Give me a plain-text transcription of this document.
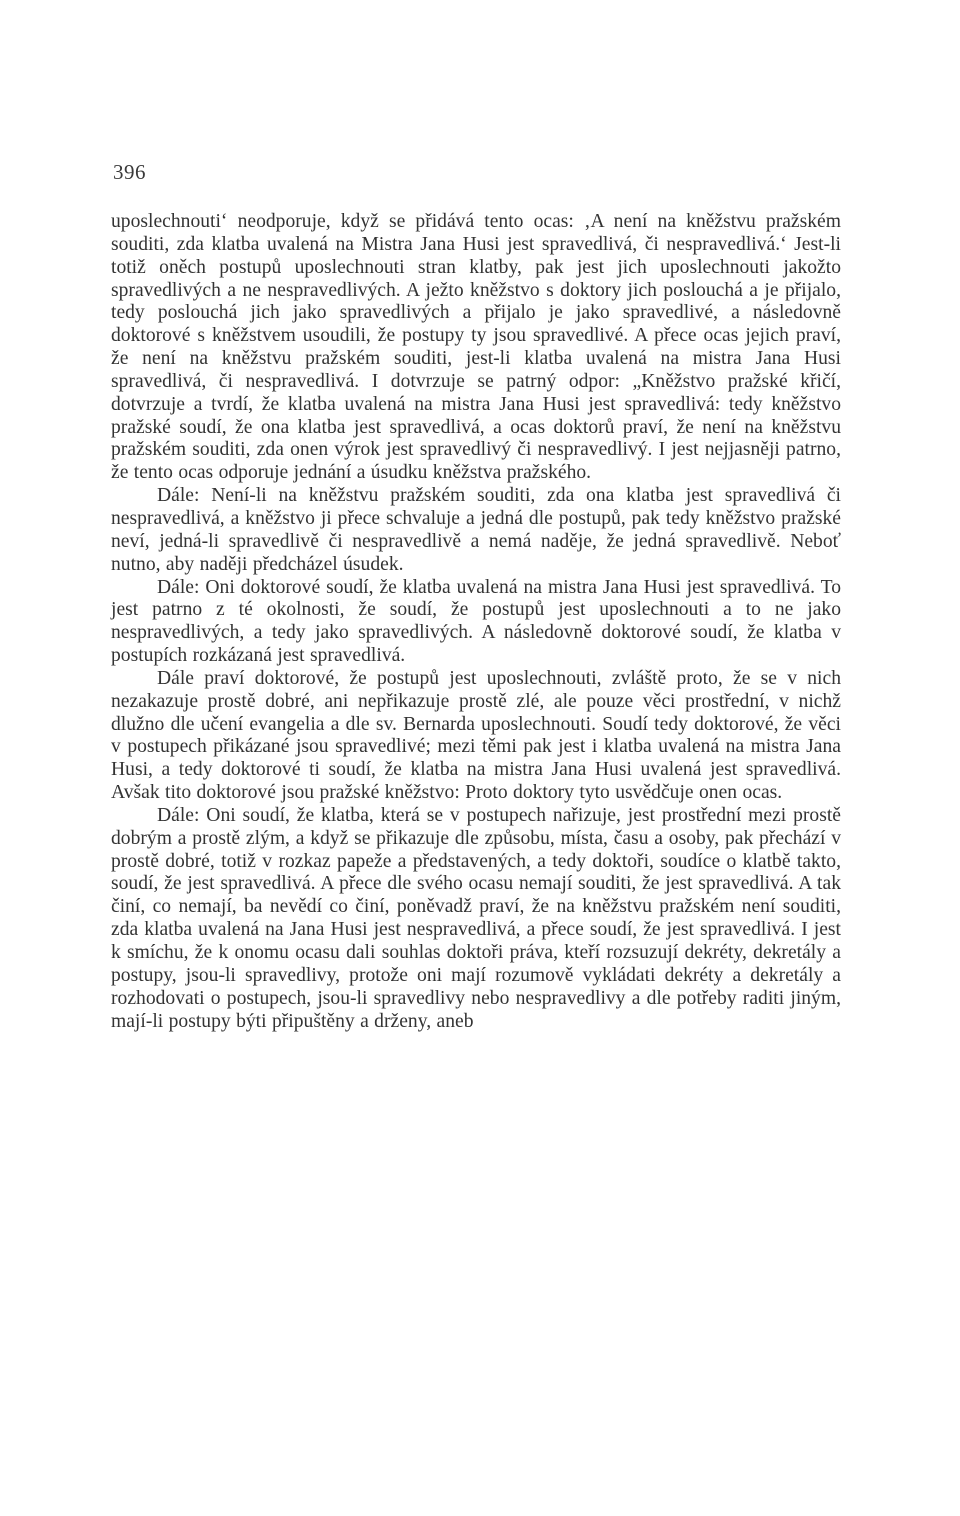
396

uposlechnouti‘ neodporuje, když se přidává tento ocas: ‚A není na kněžstvu pražském souditi, zda klatba uvalená na Mistra Jana Husi jest spravedlivá, či nespravedlivá.‘ Jest-li totiž oněch postupů uposlechnouti stran klatby, pak jest jich uposlechnouti jakožto spravedlivých a ne nespravedlivých. A ježto kněžstvo s doktory jich poslouchá a je přijalo, tedy poslouchá jich jako spravedlivých a přijalo je jako spravedlivé, a následovně doktorové s kněžstvem usoudili, že postupy ty jsou spravedlivé. A přece ocas jejich praví, že není na kněžstvu pražském souditi, jest-li klatba uvalená na mistra Jana Husi spravedlivá, či nespravedlivá. I dotvrzuje se patrný odpor: „Kněžstvo pražské křičí, dotvrzuje a tvrdí, že klatba uvalená na mistra Jana Husi jest spravedlivá: tedy kněžstvo pražské soudí, že ona klatba jest spravedlivá, a ocas doktorů praví, že není na kněžstvu pražském souditi, zda onen výrok jest spravedlivý či nespravedlivý. I jest nejjasněji patrno, že tento ocas odporuje jednání a úsudku kněžstva pražského.

Dále: Není-li na kněžstvu pražském souditi, zda ona klatba jest spravedlivá či nespravedlivá, a kněžstvo ji přece schvaluje a jedná dle postupů, pak tedy kněžstvo pražské neví, jedná-li spravedlivě či nespravedlivě a nemá naděje, že jedná spravedlivě. Neboť nutno, aby naději předcházel úsudek.

Dále: Oni doktorové soudí, že klatba uvalená na mistra Jana Husi jest spravedlivá. To jest patrno z té okolnosti, že soudí, že postupů jest uposlechnouti a to ne jako nespravedlivých, a tedy jako spravedlivých. A následovně doktorové soudí, že klatba v postupích rozkázaná jest spravedlivá.

Dále praví doktorové, že postupů jest uposlechnouti, zvláště proto, že se v nich nezakazuje prostě dobré, ani nepřikazuje prostě zlé, ale pouze věci prostřední, v nichž dlužno dle učení evangelia a dle sv. Bernarda uposlechnouti. Soudí tedy doktorové, že věci v postupech přikázané jsou spravedlivé; mezi těmi pak jest i klatba uvalená na mistra Jana Husi, a tedy doktorové ti soudí, že klatba na mistra Jana Husi uvalená jest spravedlivá. Avšak tito doktorové jsou pražské kněžstvo: Proto doktory tyto usvědčuje onen ocas.

Dále: Oni soudí, že klatba, která se v postupech nařizuje, jest prostřední mezi prostě dobrým a prostě zlým, a když se přikazuje dle způsobu, místa, času a osoby, pak přechází v prostě dobré, totiž v rozkaz papeže a představených, a tedy doktoři, soudíce o klatbě takto, soudí, že jest spravedlivá. A přece dle svého ocasu nemají souditi, že jest spravedlivá. A tak činí, co nemají, ba nevědí co činí, poněvadž praví, že na kněžstvu pražském není souditi, zda klatba uvalená na Jana Husi jest nespravedlivá, a přece soudí, že jest spravedlivá. I jest k smíchu, že k onomu ocasu dali souhlas doktoři práva, kteří rozsuzují dekréty, dekretály a postupy, jsou-li spravedlivy, protože oni mají rozumově vykládati dekréty a dekretály a rozhodovati o postupech, jsou-li spravedlivy nebo nespravedlivy a dle potřeby raditi jiným, mají-li postupy býti připuštěny a drženy, aneb
